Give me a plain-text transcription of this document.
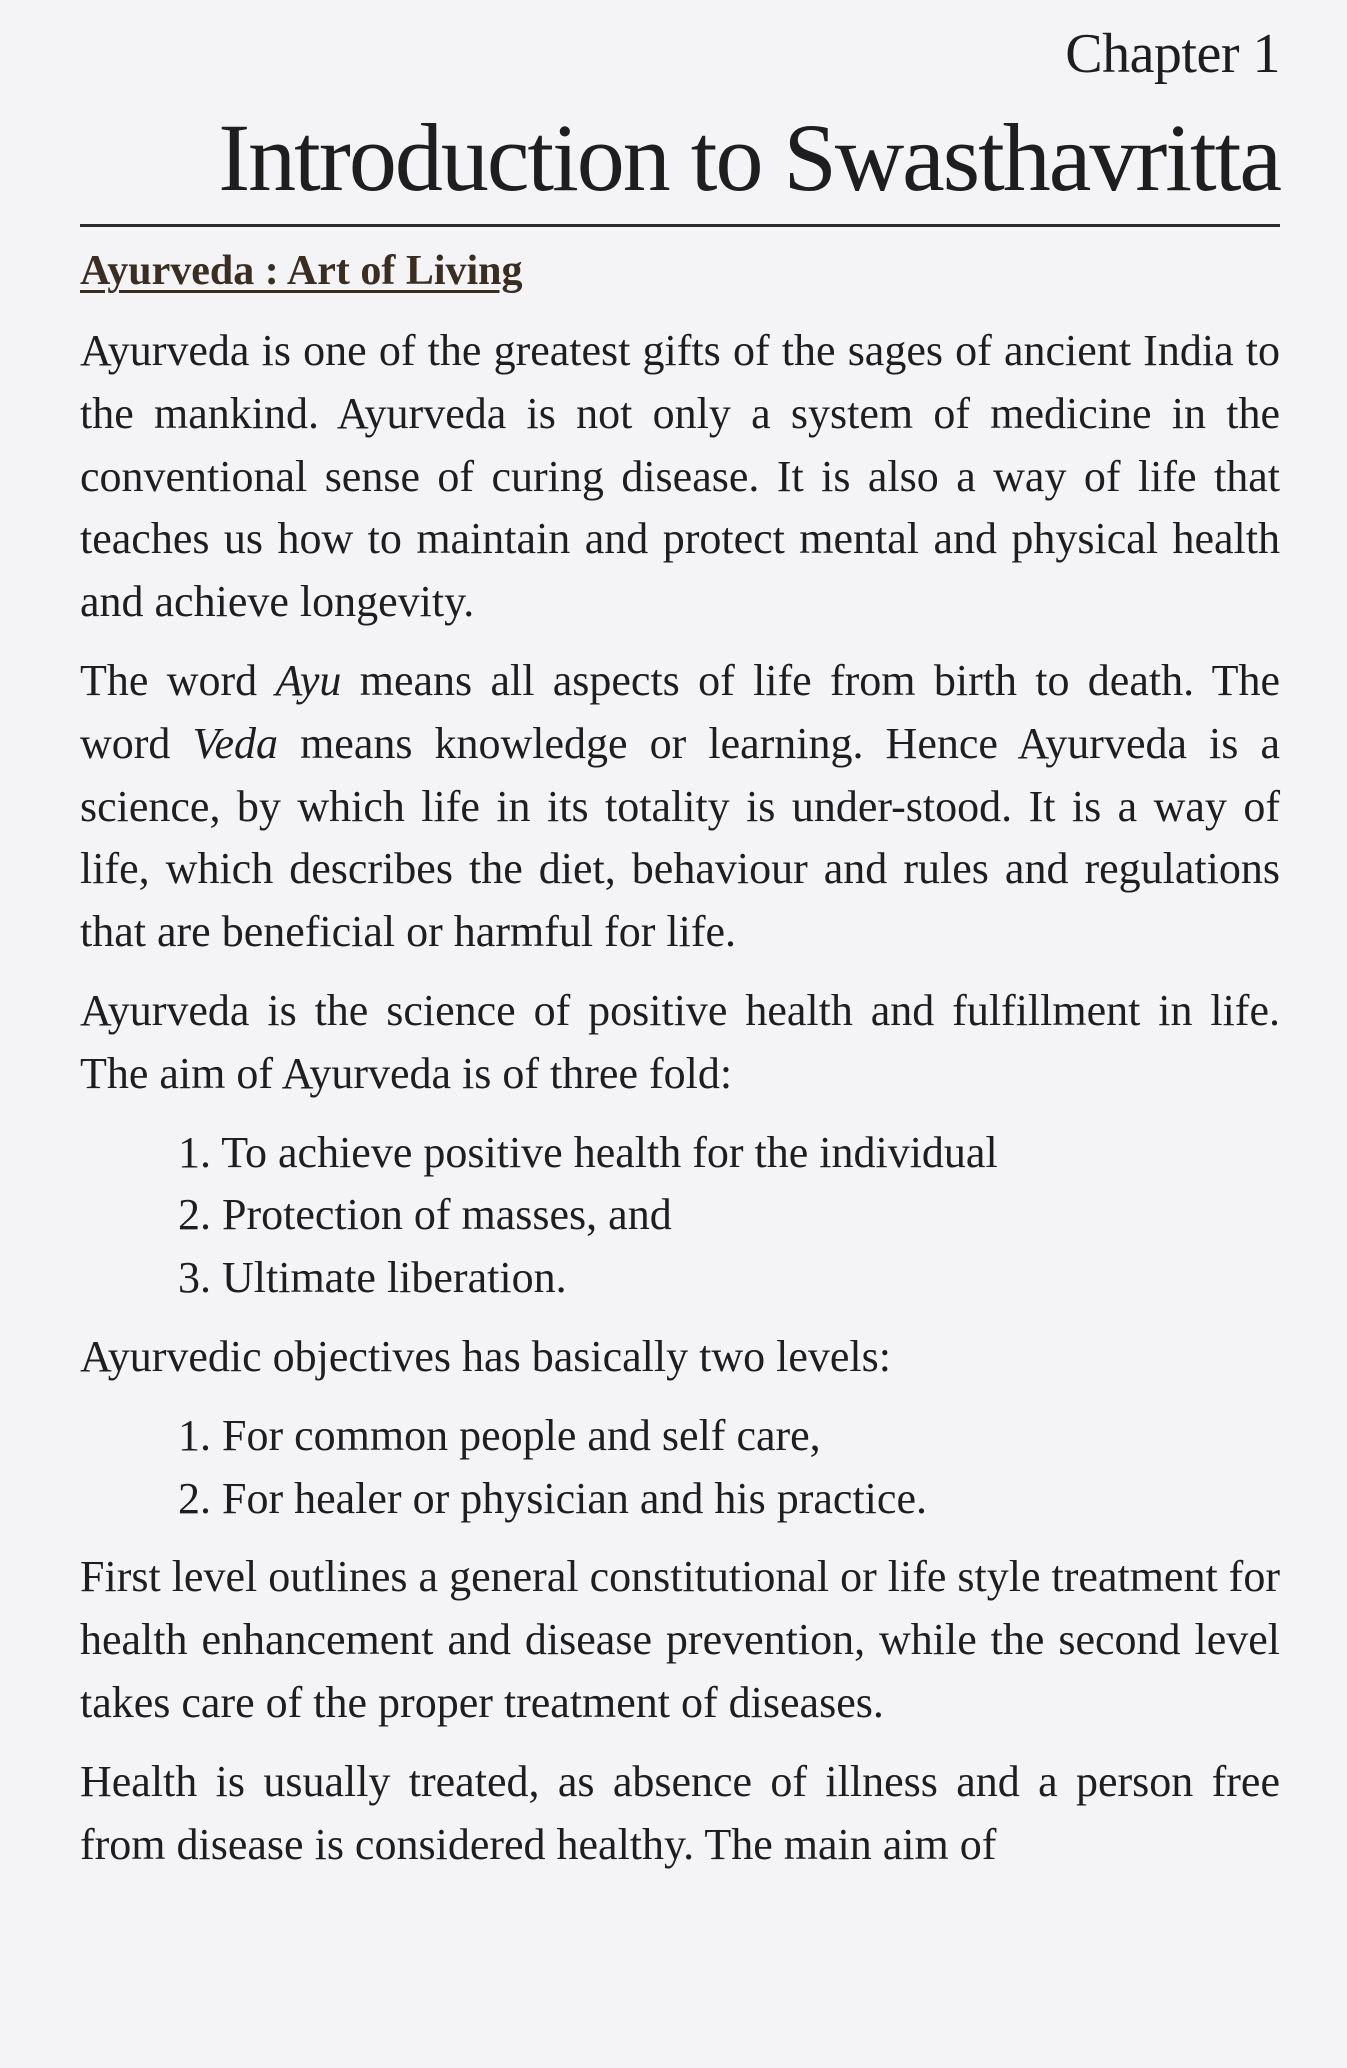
Chapter 1
Introduction to Swasthavritta
Ayurveda : Art of Living

Ayurveda is one of the greatest gifts of the sages of ancient India to the mankind. Ayurveda is not only a system of medicine in the conventional sense of curing disease. It is also a way of life that teaches us how to maintain and protect mental and physical health and achieve longevity.

The word Ayu means all aspects of life from birth to death. The word Veda means knowledge or learning. Hence Ayurveda is a science, by which life in its totality is under-stood. It is a way of life, which describes the diet, behaviour and rules and regulations that are beneficial or harmful for life.

Ayurveda is the science of positive health and fulfillment in life. The aim of Ayurveda is of three fold:

1. To achieve positive health for the individual
2. Protection of masses, and
3. Ultimate liberation.

Ayurvedic objectives has basically two levels:

1. For common people and self care,
2. For healer or physician and his practice.

First level outlines a general constitutional or life style treatment for health enhancement and disease prevention, while the second level takes care of the proper treatment of diseases.

Health is usually treated, as absence of illness and a person free from disease is considered healthy. The main aim of
